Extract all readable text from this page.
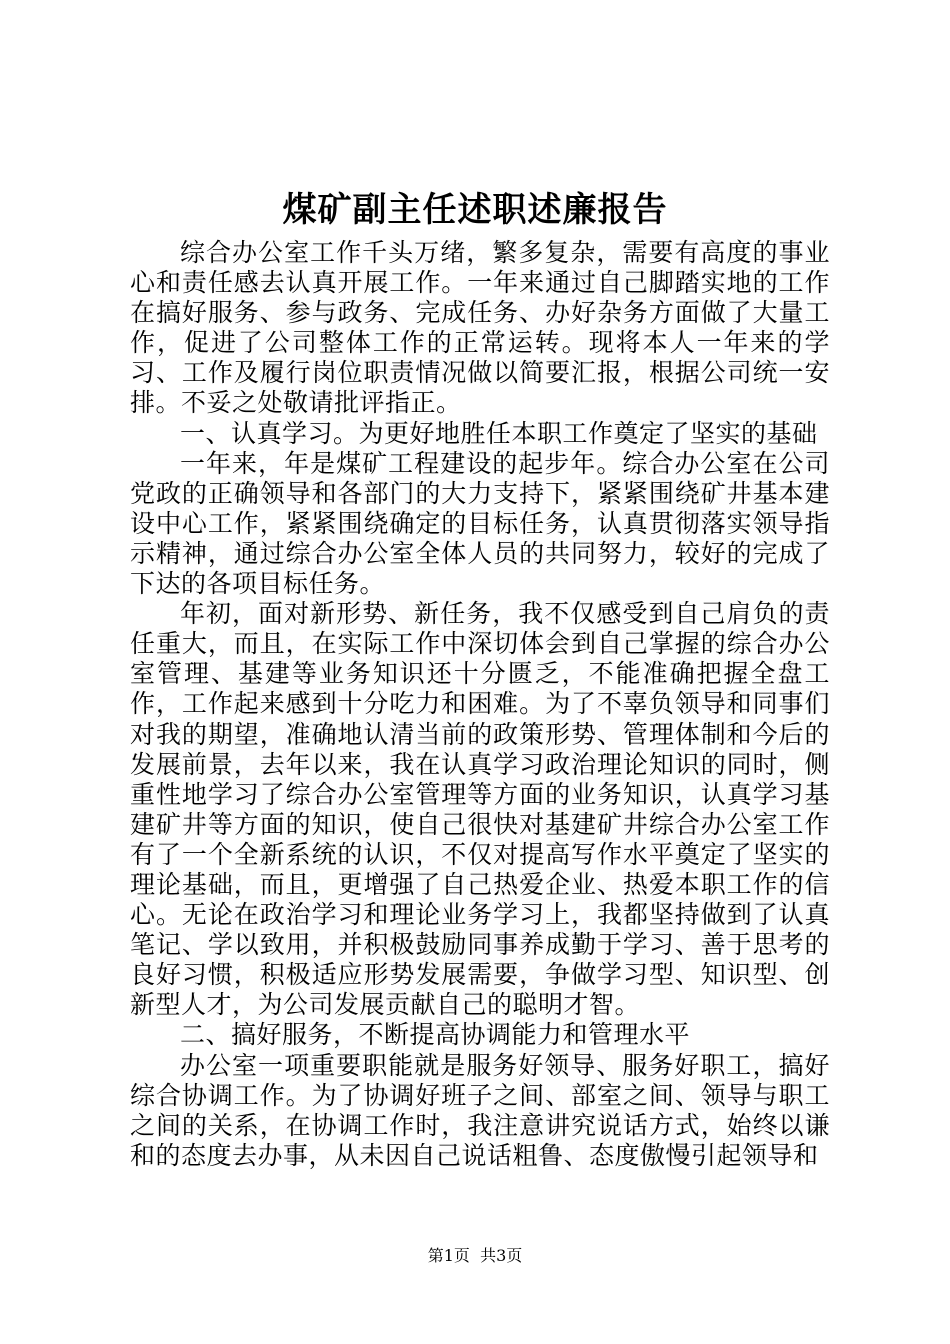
煤矿副主任述职述廉报告

综合办公室工作千头万绪，繁多复杂，需要有高度的事业心和责任感去认真开展工作。一年来通过自己脚踏实地的工作在搞好服务、参与政务、完成任务、办好杂务方面做了大量工作，促进了公司整体工作的正常运转。现将本人一年来的学习、工作及履行岗位职责情况做以简要汇报，根据公司统一安排。不妥之处敬请批评指正。

一、认真学习。为更好地胜任本职工作奠定了坚实的基础

一年来，年是煤矿工程建设的起步年。综合办公室在公司党政的正确领导和各部门的大力支持下，紧紧围绕矿井基本建设中心工作，紧紧围绕确定的目标任务，认真贯彻落实领导指示精神，通过综合办公室全体人员的共同努力，较好的完成了下达的各项目标任务。

年初，面对新形势、新任务，我不仅感受到自己肩负的责任重大，而且，在实际工作中深切体会到自己掌握的综合办公室管理、基建等业务知识还十分匮乏，不能准确把握全盘工作，工作起来感到十分吃力和困难。为了不辜负领导和同事们对我的期望，准确地认清当前的政策形势、管理体制和今后的发展前景，去年以来，我在认真学习政治理论知识的同时，侧重性地学习了综合办公室管理等方面的业务知识，认真学习基建矿井等方面的知识，使自己很快对基建矿井综合办公室工作有了一个全新系统的认识，不仅对提高写作水平奠定了坚实的理论基础，而且，更增强了自己热爱企业、热爱本职工作的信心。无论在政治学习和理论业务学习上，我都坚持做到了认真笔记、学以致用，并积极鼓励同事养成勤于学习、善于思考的良好习惯，积极适应形势发展需要，争做学习型、知识型、创新型人才，为公司发展贡献自己的聪明才智。

二、搞好服务，不断提高协调能力和管理水平

办公室一项重要职能就是服务好领导、服务好职工，搞好综合协调工作。为了协调好班子之间、部室之间、领导与职工之间的关系，在协调工作时，我注意讲究说话方式，始终以谦和的态度去办事，从未因自己说话粗鲁、态度傲慢引起领导和

第1页 共3页
